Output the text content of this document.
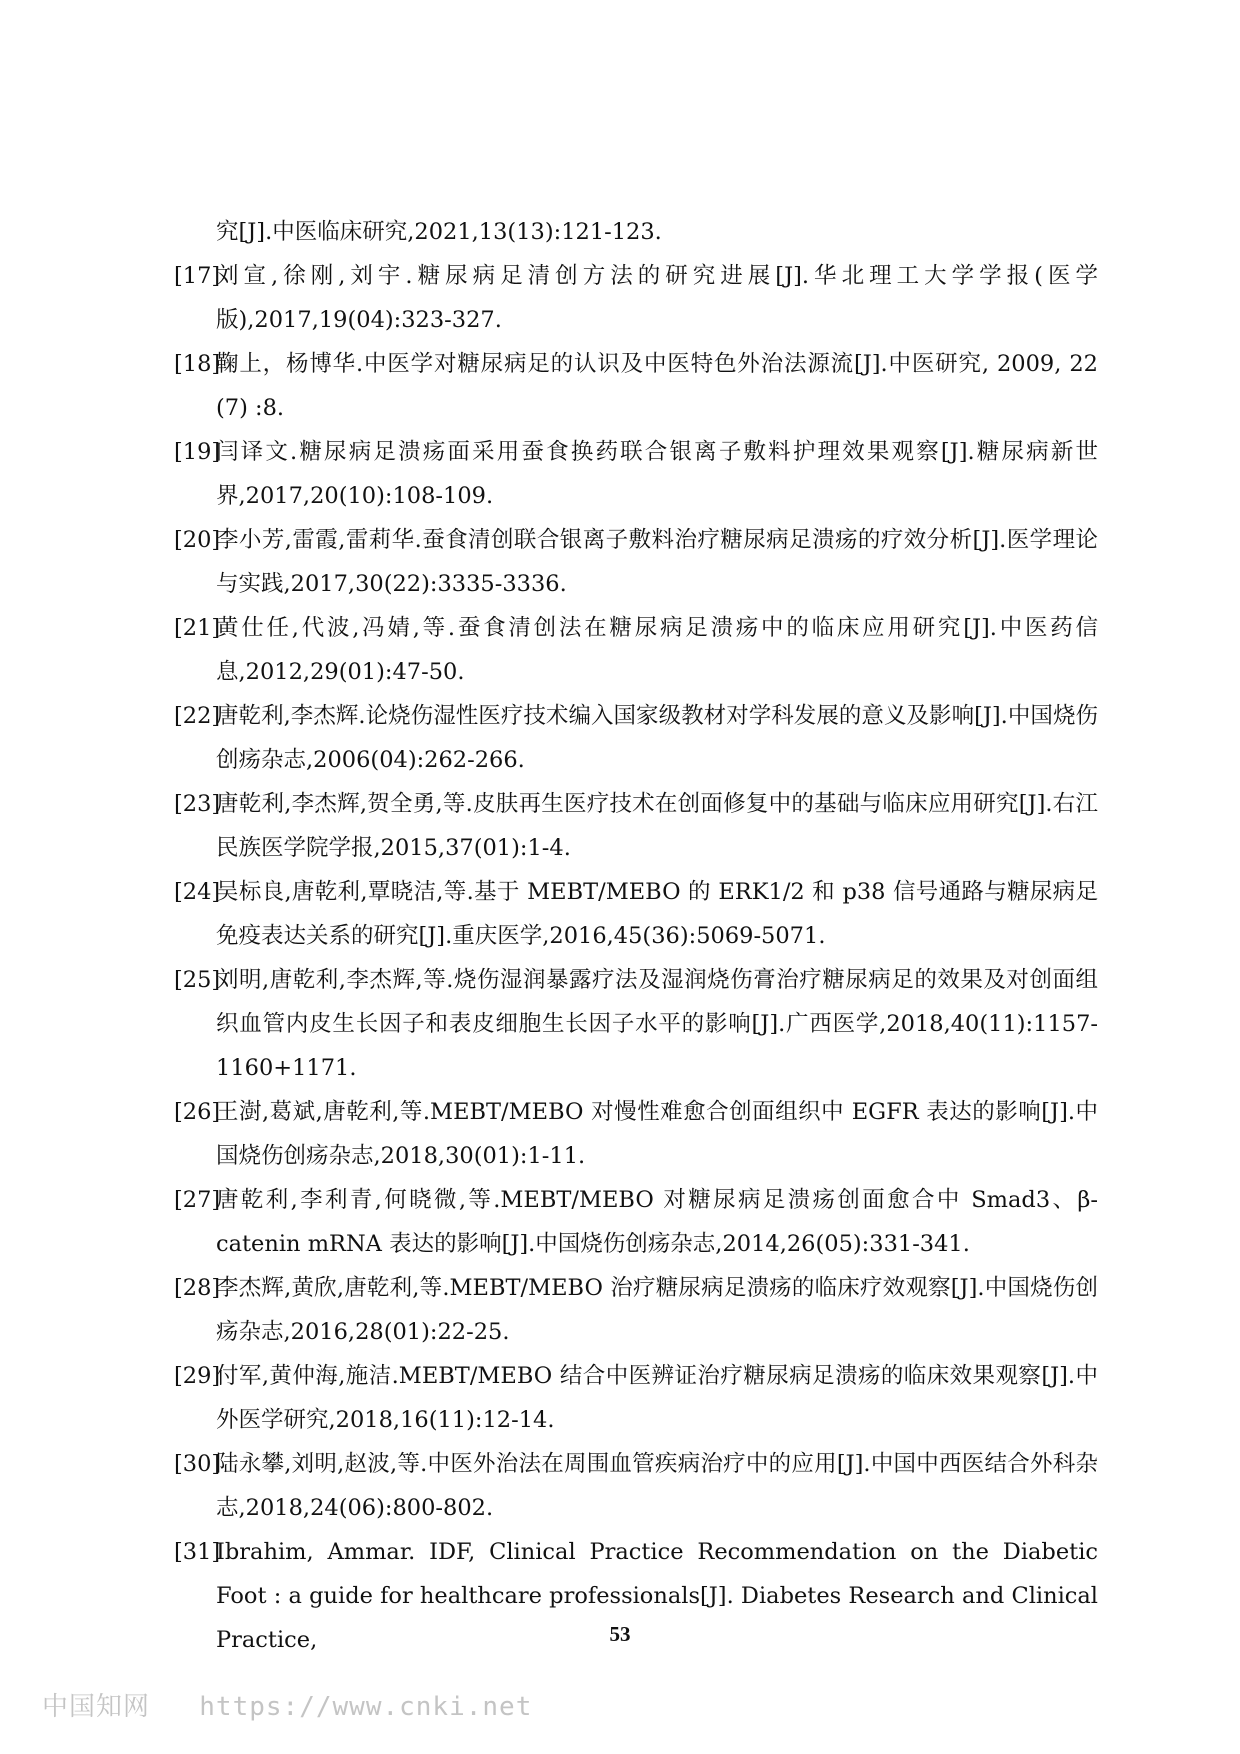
究[J].中医临床研究,2021,13(13):121-123.
[17]
刘宣,徐刚,刘宇.糖尿病足清创方法的研究进展[J].华北理工大学学报(医学版),2017,19(04):323-327.
[18]
鞠上，杨博华.中医学对糖尿病足的认识及中医特色外治法源流[J].中医研究, 2009, 22 (7) :8.
[19]
闫译文.糖尿病足溃疡面采用蚕食换药联合银离子敷料护理效果观察[J].糖尿病新世界,2017,20(10):108-109.
[20]
李小芳,雷霞,雷莉华.蚕食清创联合银离子敷料治疗糖尿病足溃疡的疗效分析[J].医学理论与实践,2017,30(22):3335-3336.
[21]
黄仕任,代波,冯婧,等.蚕食清创法在糖尿病足溃疡中的临床应用研究[J].中医药信息,2012,29(01):47-50.
[22]
唐乾利,李杰辉.论烧伤湿性医疗技术编入国家级教材对学科发展的意义及影响[J].中国烧伤创疡杂志,2006(04):262-266.
[23]
唐乾利,李杰辉,贺全勇,等.皮肤再生医疗技术在创面修复中的基础与临床应用研究[J].右江民族医学院学报,2015,37(01):1-4.
[24]
吴标良,唐乾利,覃晓洁,等.基于 MEBT/MEBO 的 ERK1/2 和 p38 信号通路与糖尿病足免疫表达关系的研究[J].重庆医学,2016,45(36):5069-5071.
[25]
刘明,唐乾利,李杰辉,等.烧伤湿润暴露疗法及湿润烧伤膏治疗糖尿病足的效果及对创面组织血管内皮生长因子和表皮细胞生长因子水平的影响[J].广西医学,2018,40(11):1157-1160+1171.
[26]
王澍,葛斌,唐乾利,等.MEBT/MEBO 对慢性难愈合创面组织中 EGFR 表达的影响[J].中国烧伤创疡杂志,2018,30(01):1-11.
[27]
唐乾利,李利青,何晓微,等.MEBT/MEBO 对糖尿病足溃疡创面愈合中 Smad3、β-catenin mRNA 表达的影响[J].中国烧伤创疡杂志,2014,26(05):331-341.
[28]
李杰辉,黄欣,唐乾利,等.MEBT/MEBO 治疗糖尿病足溃疡的临床疗效观察[J].中国烧伤创疡杂志,2016,28(01):22-25.
[29]
付军,黄仲海,施洁.MEBT/MEBO 结合中医辨证治疗糖尿病足溃疡的临床效果观察[J].中外医学研究,2018,16(11):12-14.
[30]
陆永攀,刘明,赵波,等.中医外治法在周围血管疾病治疗中的应用[J].中国中西医结合外科杂志,2018,24(06):800-802.
[31]
Ibrahim, Ammar. IDF, Clinical Practice Recommendation on the Diabetic Foot : a guide for healthcare professionals[J]. Diabetes Research and Clinical Practice,	53
中国知网 https://www.cnki.net
